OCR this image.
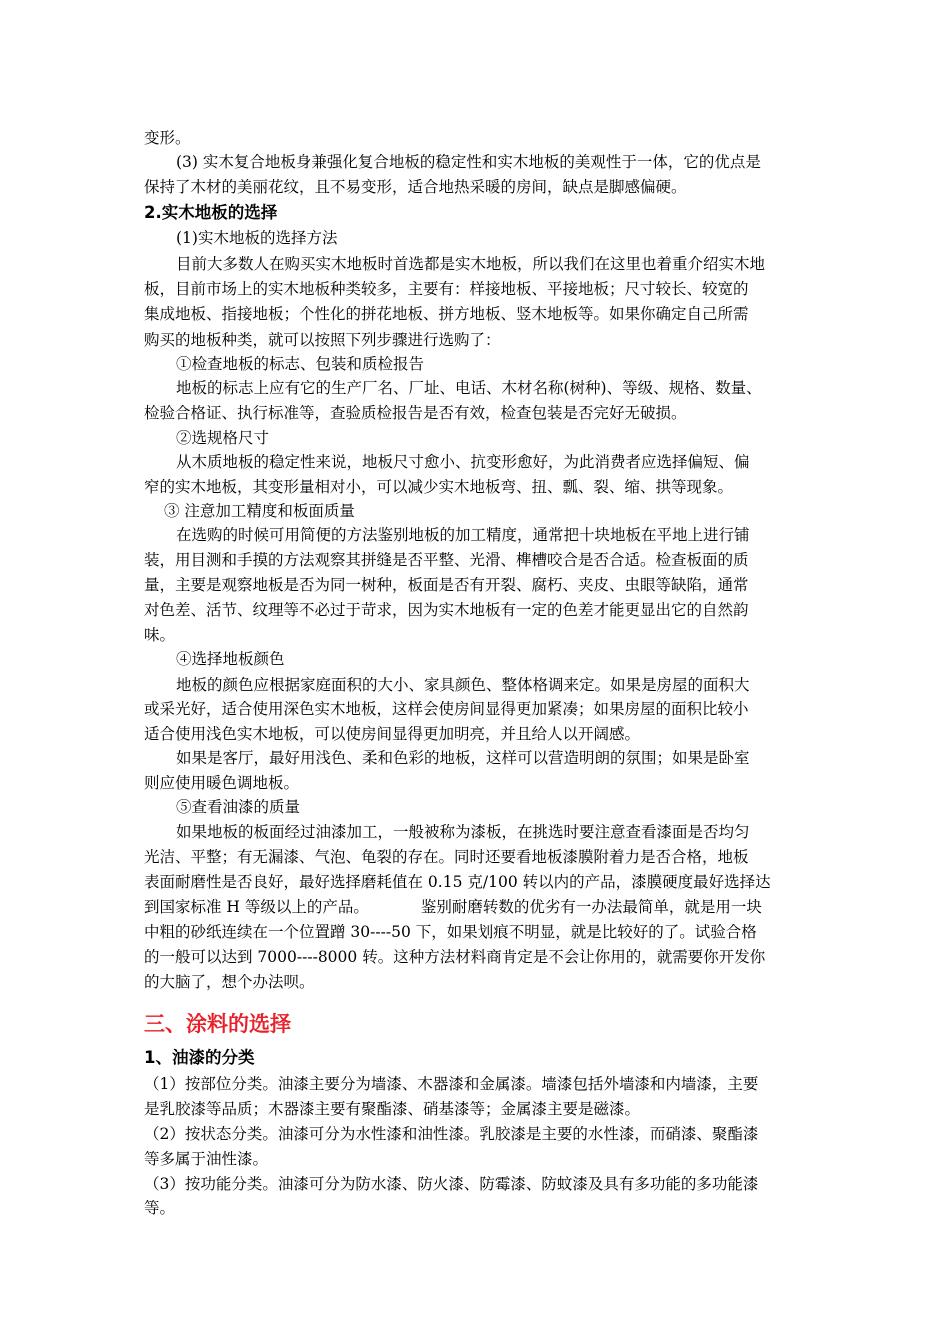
变形。
(3) 实木复合地板身兼强化复合地板的稳定性和实木地板的美观性于一体，它的优点是
保持了木材的美丽花纹，且不易变形，适合地热采暖的房间，缺点是脚感偏硬。
2.实木地板的选择
(1)实木地板的选择方法
目前大多数人在购买实木地板时首选都是实木地板，所以我们在这里也着重介绍实木地
板，目前市场上的实木地板种类较多，主要有：样接地板、平接地板；尺寸较长、较宽的
集成地板、指接地板；个性化的拼花地板、拼方地板、竖木地板等。如果你确定自己所需
购买的地板种类，就可以按照下列步骤进行选购了：
①检查地板的标志、包装和质检报告
地板的标志上应有它的生产厂名、厂址、电话、木材名称(树种)、等级、规格、数量、
检验合格证、执行标准等，查验质检报告是否有效，检查包装是否完好无破损。
②选规格尺寸
从木质地板的稳定性来说，地板尺寸愈小、抗变形愈好，为此消费者应选择偏短、偏
窄的实木地板，其变形量相对小，可以减少实木地板弯、扭、瓢、裂、缩、拱等现象。
③ 注意加工精度和板面质量
在选购的时候可用简便的方法鉴别地板的加工精度，通常把十块地板在平地上进行铺
装，用目测和手摸的方法观察其拼缝是否平整、光滑、榫槽咬合是否合适。检查板面的质
量，主要是观察地板是否为同一树种，板面是否有开裂、腐朽、夹皮、虫眼等缺陷，通常
对色差、活节、纹理等不必过于苛求，因为实木地板有一定的色差才能更显出它的自然韵
味。
④选择地板颜色
地板的颜色应根据家庭面积的大小、家具颜色、整体格调来定。如果是房屋的面积大
或采光好，适合使用深色实木地板，这样会使房间显得更加紧凑；如果房屋的面积比较小
适合使用浅色实木地板，可以使房间显得更加明亮，并且给人以开阔感。
如果是客厅，最好用浅色、柔和色彩的地板，这样可以营造明朗的氛围；如果是卧室
则应使用暖色调地板。
⑤查看油漆的质量
如果地板的板面经过油漆加工，一般被称为漆板，在挑选时要注意查看漆面是否均匀
光洁、平整；有无漏漆、气泡、龟裂的存在。同时还要看地板漆膜附着力是否合格，地板
表面耐磨性是否良好，最好选择磨耗值在 0.15 克/100 转以内的产品，漆膜硬度最好选择达
到国家标准 H 等级以上的产品。	鉴别耐磨转数的优劣有一办法最简单，就是用一块
中粗的砂纸连续在一个位置蹭 30----50 下，如果划痕不明显，就是比较好的了。试验合格
的一般可以达到 7000----8000 转。这种方法材料商肯定是不会让你用的，就需要你开发你
的大脑了，想个办法呗。
三、涂料的选择
1、油漆的分类
（1）按部位分类。油漆主要分为墙漆、木器漆和金属漆。墙漆包括外墙漆和内墙漆，主要
是乳胶漆等品质；木器漆主要有聚酯漆、硝基漆等；金属漆主要是磁漆。
（2）按状态分类。油漆可分为水性漆和油性漆。乳胶漆是主要的水性漆，而硝漆、聚酯漆
等多属于油性漆。
（3）按功能分类。油漆可分为防水漆、防火漆、防霉漆、防蚊漆及具有多功能的多功能漆
等。
